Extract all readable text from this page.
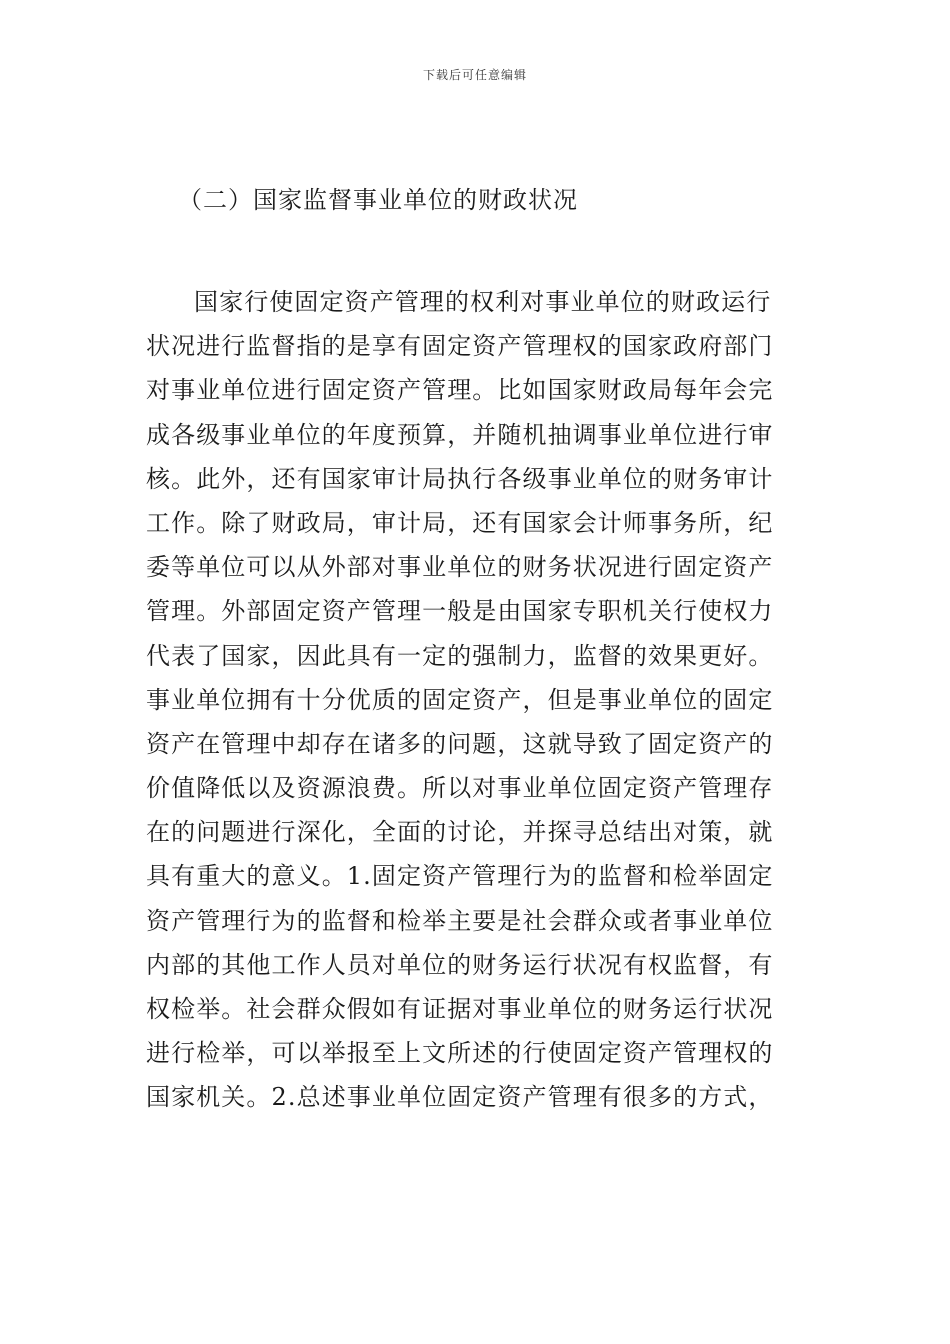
下载后可任意编辑
（二）国家监督事业单位的财政状况
国家行使固定资产管理的权利对事业单位的财政运行
状况进行监督指的是享有固定资产管理权的国家政府部门
对事业单位进行固定资产管理。比如国家财政局每年会完
成各级事业单位的年度预算，并随机抽调事业单位进行审
核。此外，还有国家审计局执行各级事业单位的财务审计
工作。除了财政局，审计局，还有国家会计师事务所，纪
委等单位可以从外部对事业单位的财务状况进行固定资产
管理。外部固定资产管理一般是由国家专职机关行使权力
代表了国家，因此具有一定的强制力，监督的效果更好。
事业单位拥有十分优质的固定资产，但是事业单位的固定
资产在管理中却存在诸多的问题，这就导致了固定资产的
价值降低以及资源浪费。所以对事业单位固定资产管理存
在的问题进行深化，全面的讨论，并探寻总结出对策，就
具有重大的意义。1.固定资产管理行为的监督和检举固定
资产管理行为的监督和检举主要是社会群众或者事业单位
内部的其他工作人员对单位的财务运行状况有权监督，有
权检举。社会群众假如有证据对事业单位的财务运行状况
进行检举，可以举报至上文所述的行使固定资产管理权的
国家机关。2.总述事业单位固定资产管理有很多的方式，
